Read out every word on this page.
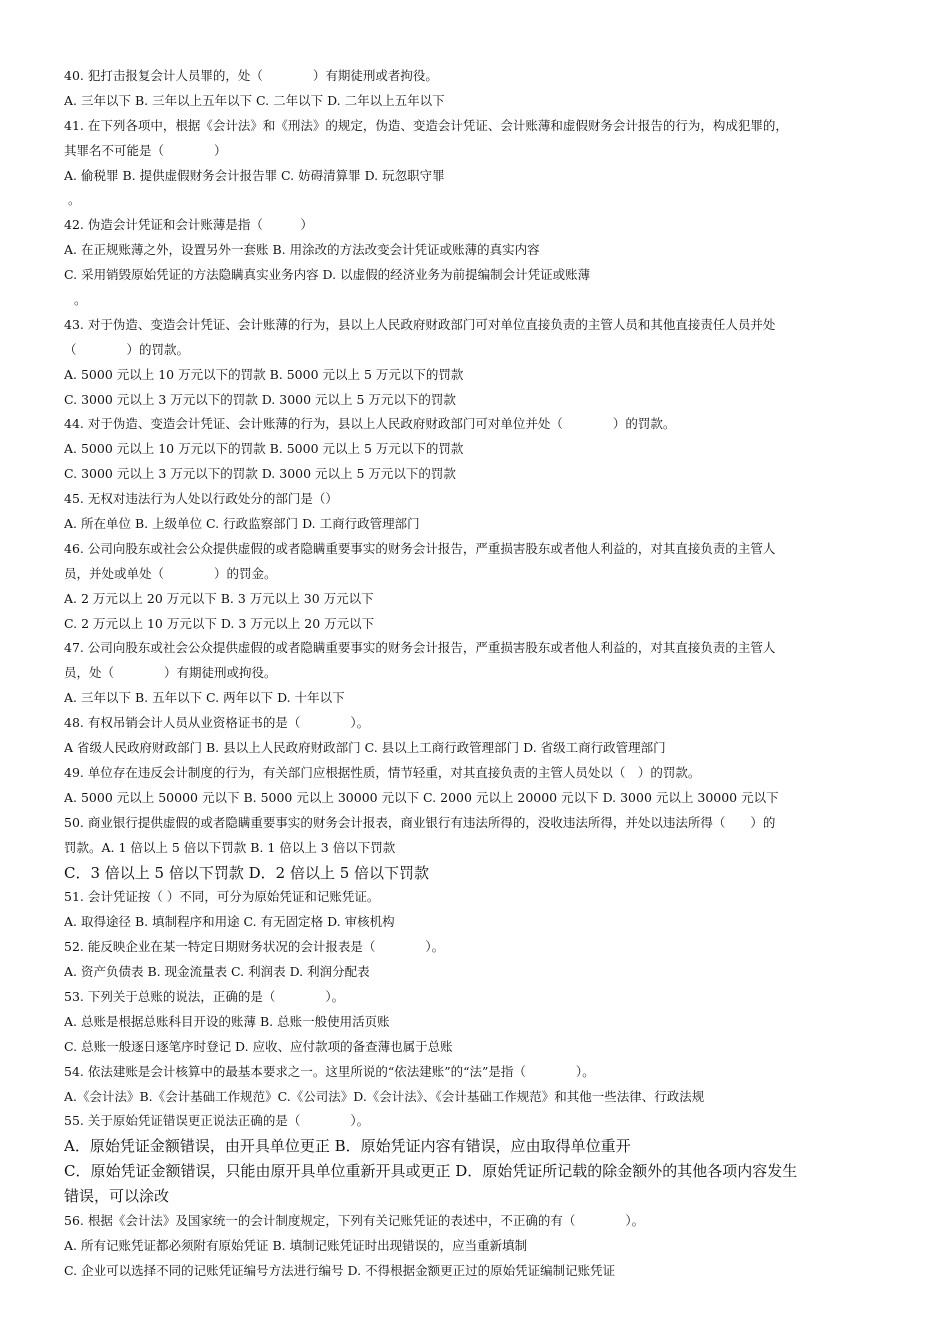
40. 犯打击报复会计人员罪的，处（　　　　）有期徒刑或者拘役。
A. 三年以下 B. 三年以上五年以下 C. 二年以下 D. 二年以上五年以下
41. 在下列各项中，根据《会计法》和《刑法》的规定，伪造、变造会计凭证、会计账薄和虚假财务会计报告的行为，构成犯罪的，
其罪名不可能是（　　　　）
A. 偷税罪 B. 提供虚假财务会计报告罪 C. 妨碍清算罪 D. 玩忽职守罪
。
42. 伪造会计凭证和会计账薄是指（　　　）
A. 在正规账薄之外，设置另外一套账 B. 用涂改的方法改变会计凭证或账薄的真实内容
C. 采用销毁原始凭证的方法隐瞒真实业务内容 D. 以虚假的经济业务为前提编制会计凭证或账薄
。
43. 对于伪造、变造会计凭证、会计账薄的行为，县以上人民政府财政部门可对单位直接负责的主管人员和其他直接责任人员并处
（　　　　）的罚款。
A. 5000 元以上 10 万元以下的罚款 B. 5000 元以上 5 万元以下的罚款
C. 3000 元以上 3 万元以下的罚款 D. 3000 元以上 5 万元以下的罚款
44. 对于伪造、变造会计凭证、会计账薄的行为，县以上人民政府财政部门可对单位并处（　　　　）的罚款。
A. 5000 元以上 10 万元以下的罚款 B. 5000 元以上 5 万元以下的罚款
C. 3000 元以上 3 万元以下的罚款 D. 3000 元以上 5 万元以下的罚款
45. 无权对违法行为人处以行政处分的部门是（）
A. 所在单位 B. 上级单位 C. 行政监察部门 D. 工商行政管理部门
46. 公司向股东或社会公众提供虚假的或者隐瞒重要事实的财务会计报告，严重损害股东或者他人利益的，对其直接负责的主管人
员，并处或单处（　　　　）的罚金。
A. 2 万元以上 20 万元以下 B. 3 万元以上 30 万元以下
C. 2 万元以上 10 万元以下 D. 3 万元以上 20 万元以下
47. 公司向股东或社会公众提供虚假的或者隐瞒重要事实的财务会计报告，严重损害股东或者他人利益的，对其直接负责的主管人
员，处（　　　　）有期徒刑或拘役。
A. 三年以下 B. 五年以下 C. 两年以下 D. 十年以下
48. 有权吊销会计人员从业资格证书的是（　　　　）。
A 省级人民政府财政部门 B. 县以上人民政府财政部门 C. 县以上工商行政管理部门 D. 省级工商行政管理部门
49. 单位存在违反会计制度的行为，有关部门应根据性质，情节轻重，对其直接负责的主管人员处以（　）的罚款。
A. 5000 元以上 50000 元以下 B. 5000 元以上 30000 元以下 C. 2000 元以上 20000 元以下 D. 3000 元以上 30000 元以下
50. 商业银行提供虚假的或者隐瞒重要事实的财务会计报表，商业银行有违法所得的，没收违法所得，并处以违法所得（　　）的
罚款。A. 1 倍以上 5 倍以下罚款 B. 1 倍以上 3 倍以下罚款
C．3 倍以上 5 倍以下罚款 D．2 倍以上 5 倍以下罚款
51. 会计凭证按（ ）不同，可分为原始凭证和记账凭证。
A. 取得途径 B. 填制程序和用途 C. 有无固定格 D. 审核机构
52. 能反映企业在某一特定日期财务状况的会计报表是（　　　　）。
A. 资产负债表 B. 现金流量表 C. 利润表 D. 利润分配表
53. 下列关于总账的说法，正确的是（　　　　）。
A. 总账是根据总账科目开设的账薄 B. 总账一般使用活页账
C. 总账一般逐日逐笔序时登记 D. 应收、应付款项的备查薄也属于总账
54. 依法建账是会计核算中的最基本要求之一。这里所说的“依法建账”的“法”是指（　　　　）。
A.《会计法》B.《会计基础工作规范》C.《公司法》D.《会计法》、《会计基础工作规范》和其他一些法律、行政法规
55. 关于原始凭证错误更正说法正确的是（　　　　）。
A．原始凭证金额错误，由开具单位更正 B．原始凭证内容有错误，应由取得单位重开
C．原始凭证金额错误，只能由原开具单位重新开具或更正 D．原始凭证所记载的除金额外的其他各项内容发生
错误，可以涂改
56. 根据《会计法》及国家统一的会计制度规定，下列有关记账凭证的表述中，不正确的有（　　　　）。
A. 所有记账凭证都必须附有原始凭证 B. 填制记账凭证时出现错误的，应当重新填制
C. 企业可以选择不同的记账凭证编号方法进行编号 D. 不得根据金额更正过的原始凭证编制记账凭证
